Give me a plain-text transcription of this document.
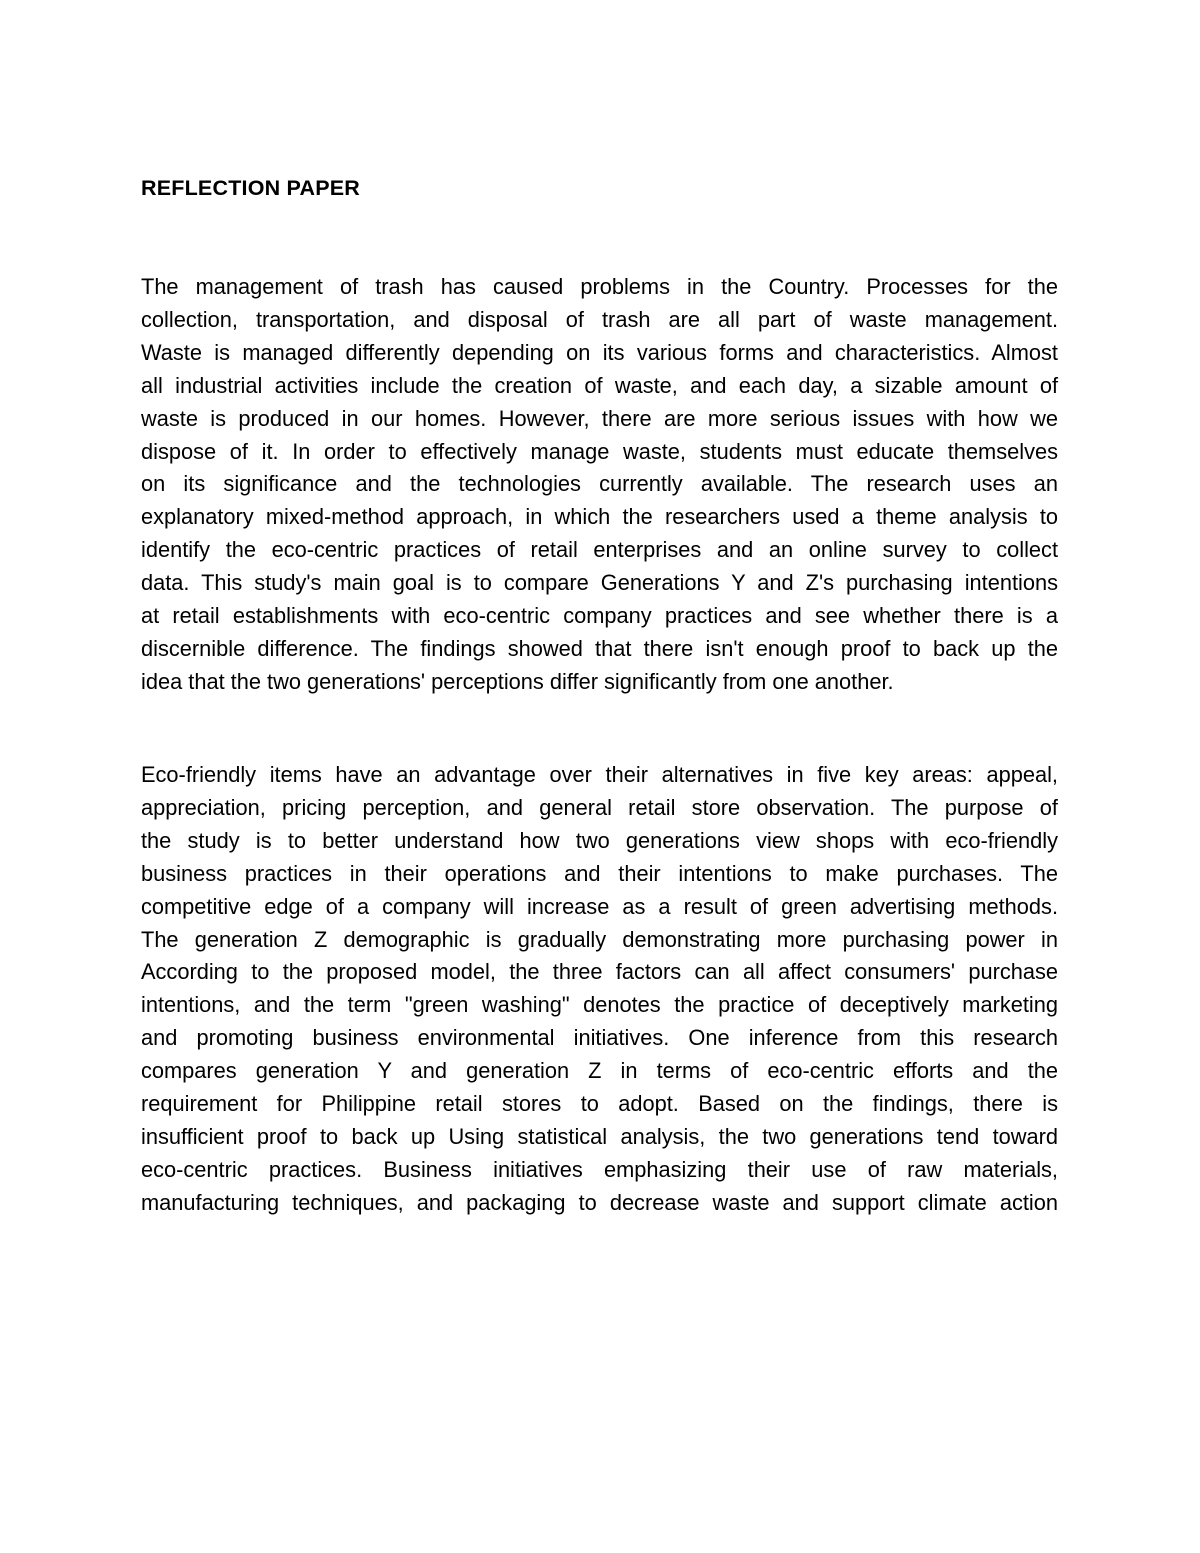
REFLECTION PAPER
The management of trash has caused problems in the Country. Processes for the
collection, transportation, and disposal of trash are all part of waste management.
Waste is managed differently depending on its various forms and characteristics. Almost
all industrial activities include the creation of waste, and each day, a sizable amount of
waste is produced in our homes. However, there are more serious issues with how we
dispose of it. In order to effectively manage waste, students must educate themselves
on its significance and the technologies currently available. The research uses an
explanatory mixed-method approach, in which the researchers used a theme analysis to
identify the eco-centric practices of retail enterprises and an online survey to collect
data. This study's main goal is to compare Generations Y and Z's purchasing intentions
at retail establishments with eco-centric company practices and see whether there is a
discernible difference. The findings showed that there isn't enough proof to back up the
idea that the two generations' perceptions differ significantly from one another.
Eco-friendly items have an advantage over their alternatives in five key areas: appeal,
appreciation, pricing perception, and general retail store observation. The purpose of
the study is to better understand how two generations view shops with eco-friendly
business practices in their operations and their intentions to make purchases. The
competitive edge of a company will increase as a result of green advertising methods.
The generation Z demographic is gradually demonstrating more purchasing power in
According to the proposed model, the three factors can all affect consumers' purchase
intentions, and the term "green washing" denotes the practice of deceptively marketing
and promoting business environmental initiatives. One inference from this research
compares generation Y and generation Z in terms of eco-centric efforts and the
requirement for Philippine retail stores to adopt. Based on the findings, there is
insufficient proof to back up Using statistical analysis, the two generations tend toward
eco-centric practices. Business initiatives emphasizing their use of raw materials,
manufacturing techniques, and packaging to decrease waste and support climate action
